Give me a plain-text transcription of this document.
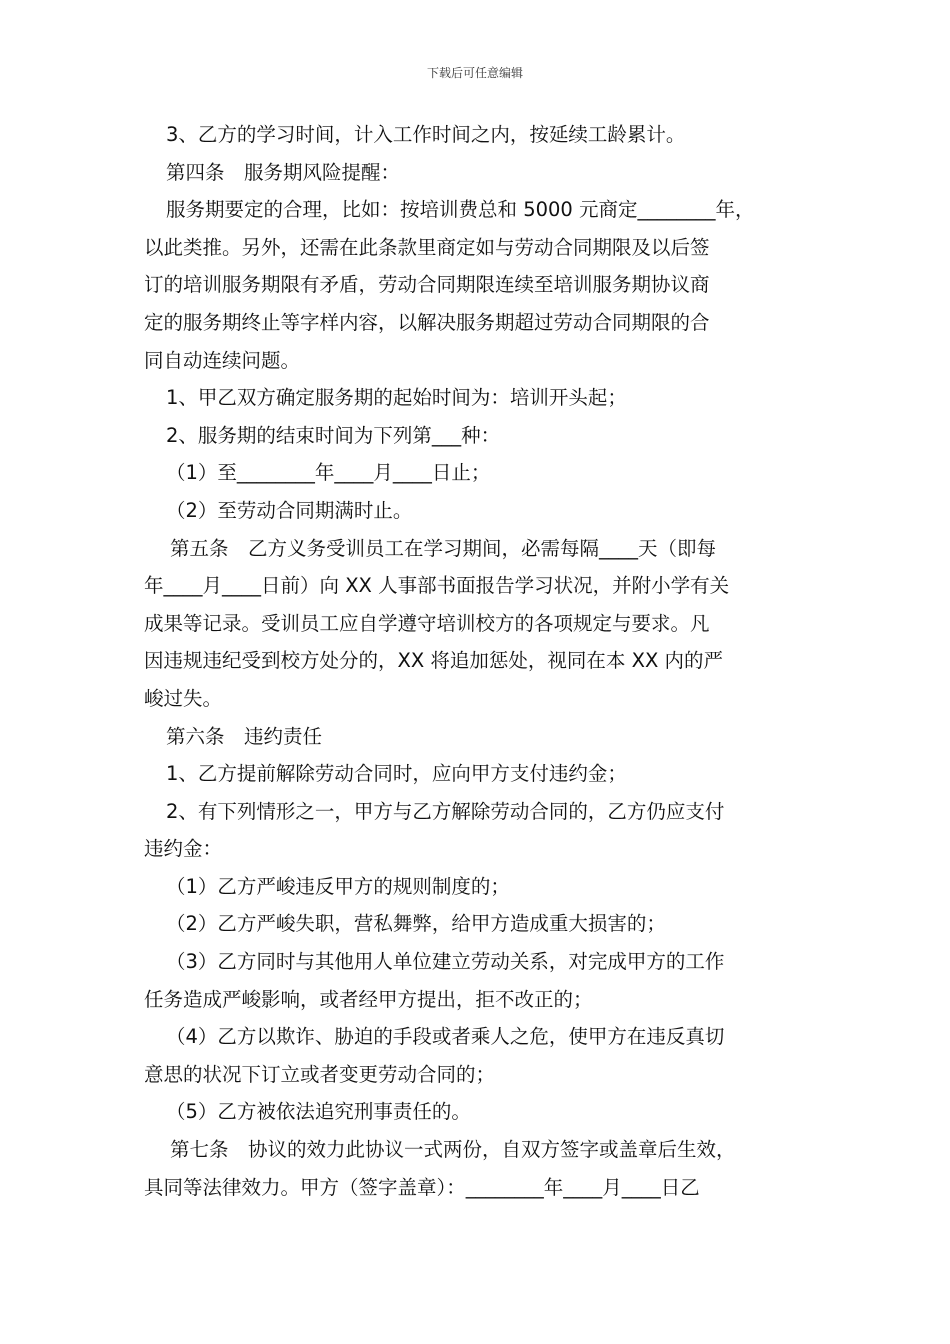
下载后可任意编辑
3、乙方的学习时间，计入工作时间之内，按延续工龄累计。
第四条　服务期风险提醒：
服务期要定的合理，比如：按培训费总和 5000 元商定________年，
以此类推。另外，还需在此条款里商定如与劳动合同期限及以后签
订的培训服务期限有矛盾，劳动合同期限连续至培训服务期协议商
定的服务期终止等字样内容，以解决服务期超过劳动合同期限的合
同自动连续问题。
1、甲乙双方确定服务期的起始时间为：培训开头起；
2、服务期的结束时间为下列第___种：
（1）至________年____月____日止；
（2）至劳动合同期满时止。
第五条　乙方义务受训员工在学习期间，必需每隔____天（即每
年____月____日前）向 XX 人事部书面报告学习状况，并附小学有关
成果等记录。受训员工应自学遵守培训校方的各项规定与要求。凡
因违规违纪受到校方处分的，XX 将追加惩处，视同在本 XX 内的严
峻过失。
第六条　违约责任
1、乙方提前解除劳动合同时，应向甲方支付违约金；
2、有下列情形之一，甲方与乙方解除劳动合同的，乙方仍应支付
违约金：
（1）乙方严峻违反甲方的规则制度的；
（2）乙方严峻失职，营私舞弊，给甲方造成重大损害的；
（3）乙方同时与其他用人单位建立劳动关系，对完成甲方的工作
任务造成严峻影响，或者经甲方提出，拒不改正的；
（4）乙方以欺诈、胁迫的手段或者乘人之危，使甲方在违反真切
意思的状况下订立或者变更劳动合同的；
（5）乙方被依法追究刑事责任的。
第七条　协议的效力此协议一式两份，自双方签字或盖章后生效，
具同等法律效力。甲方（签字盖章）：________年____月____日乙
